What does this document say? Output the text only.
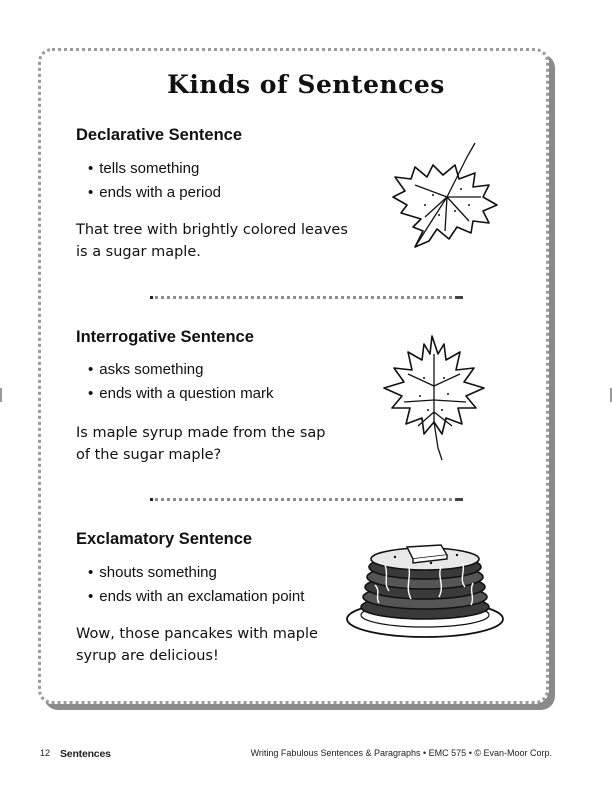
Kinds of Sentences
Declarative Sentence
• tells something
• ends with a period
That tree with brightly colored leaves
is a sugar maple.
Interrogative Sentence
• asks something
• ends with a question mark
Is maple syrup made from the sap
of the sugar maple?
Exclamatory Sentence
• shouts something
• ends with an exclamation point
Wow, those pancakes with maple
syrup are delicious!
12 Sentences	Writing Fabulous Sentences & Paragraphs • EMC 575 • © Evan-Moor Corp.
